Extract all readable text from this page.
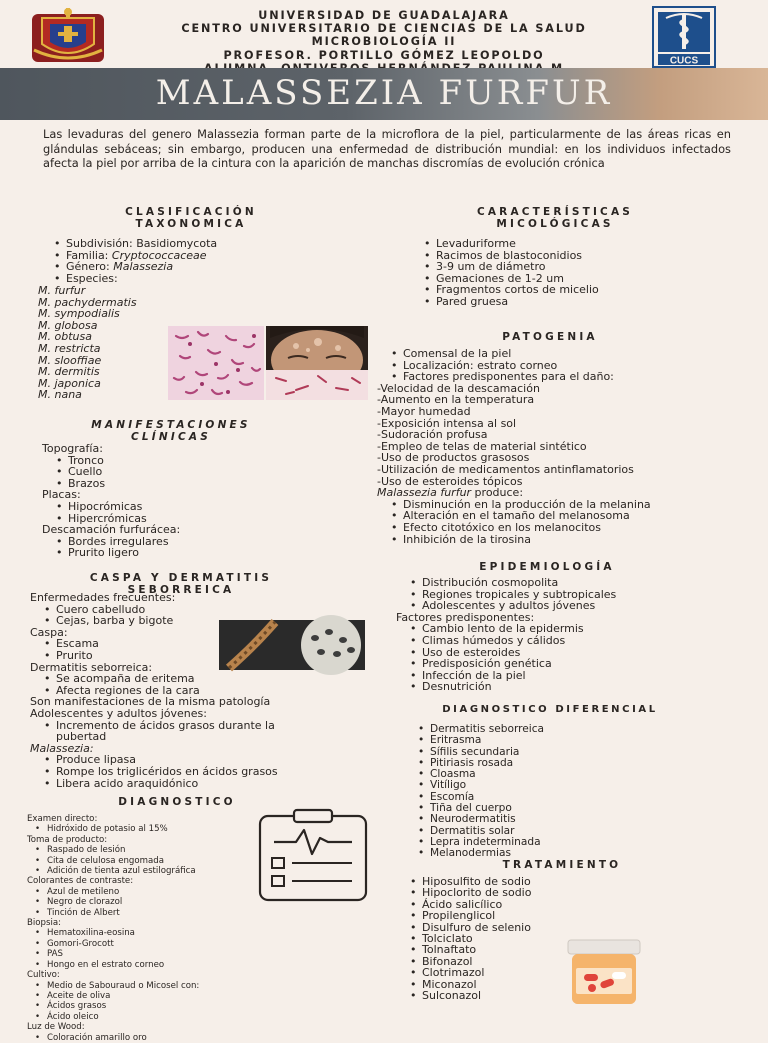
UNIVERSIDAD DE GUADALAJARA
CENTRO UNIVERSITARIO DE CIENCIAS DE LA SALUD
MICROBIOLOGÍA II
PROFESOR. PORTILLO GÓMEZ LEOPOLDO	CUCS
MALASSEZIA FURFUR
Las levaduras del genero Malassezia forman parte de la microflora de la piel, particularmente de las áreas ricas en glándulas sebáceas; sin embargo, producen una enfermedad de distribución mundial: en los individuos infectados afecta la piel por arriba de la cintura con la aparición de manchas discromías de evolución crónica
CLASIFICACIÓN
TAXONOMICA
• Subdivisión: Basidiomycota
• Familia: Cryptococcaceae
• Género: Malassezia
• Especies:
M. furfur
M. pachydermatis
M. sympodialis
M. globosa
M. obtusa
M. restricta
M. slooffiae
M. dermitis
M. japonica
M. nana
MANIFESTACIONES
CLÍNICAS
Topografía:
• Tronco
• Cuello
• Brazos
Placas:
• Hipocrómicas
• Hipercrómicas
Descamación furfurácea:
• Bordes irregulares
• Prurito ligero
CASPA Y DERMATITIS
SEBORREICA
Enfermedades frecuentes:
• Cuero cabelludo
• Cejas, barba y bigote
Caspa:
• Escama
• Prurito
Dermatitis seborreica:
• Se acompaña de eritema
• Afecta regiones de la cara
Son manifestaciones de la misma patología
Adolescentes y adultos jóvenes:
• Incremento de ácidos grasos durante la
pubertad
Malassezia:
• Produce lipasa
• Rompe los triglicéridos en ácidos grasos
• Libera acido araquidónico
DIAGNOSTICO
Examen directo:
• Hidróxido de potasio al 15%
Toma de producto:
• Raspado de lesión
• Cita de celulosa engomada
• Adición de tienta azul estilográfica
Colorantes de contraste:
• Azul de metileno
• Negro de clorazol
• Tinción de Albert
Biopsia:
• Hematoxilina-eosina
• Gomori-Grocott
• PAS
• Hongo en el estrato corneo
Cultivo:
• Medio de Sabouraud o Micosel con:
• Aceite de oliva
• Ácidos grasos
• Ácido oleico
Luz de Wood:
• Coloración amarillo oro
CARACTERÍSTICAS
MICOLÓGICAS
• Levaduriforme
• Racimos de blastoconidios
• 3-9 um de diámetro
• Gemaciones de 1-2 um
• Fragmentos cortos de micelio
• Pared gruesa
PATOGENIA
• Comensal de la piel
• Localización: estrato corneo
• Factores predisponentes para el daño:
-Velocidad de la descamación
-Aumento en la temperatura
-Mayor humedad
-Exposición intensa al sol
-Sudoración profusa
-Empleo de telas de material sintético
-Uso de productos grasosos
-Utilización de medicamentos antinflamatorios
-Uso de esteroides tópicos
Malassezia furfur produce:
• Disminución en la producción de la melanina
• Alteración en el tamaño del melanosoma
• Efecto citotóxico en los melanocitos
• Inhibición de la tirosina
EPIDEMIOLOGÍA
• Distribución cosmopolita
• Regiones tropicales y subtropicales
• Adolescentes y adultos jóvenes
Factores predisponentes:
• Cambio lento de la epidermis
• Climas húmedos y cálidos
• Uso de esteroides
• Predisposición genética
• Infección de la piel
• Desnutrición
DIAGNOSTICO DIFERENCIAL
• Dermatitis seborreica
• Eritrasma
• Sífilis secundaria
• Pitiriasis rosada
• Cloasma
• Vitíligo
• Escomía
• Tiña del cuerpo
• Neurodermatitis
• Dermatitis solar
• Lepra indeterminada
• Melanodermias
TRATAMIENTO
• Hiposulfito de sodio
• Hipoclorito de sodio
• Ácido salicílico
• Propilenglicol
• Disulfuro de selenio
• Tolciclato
• Tolnaftato
• Bifonazol
• Clotrimazol
• Miconazol
• Sulconazol
